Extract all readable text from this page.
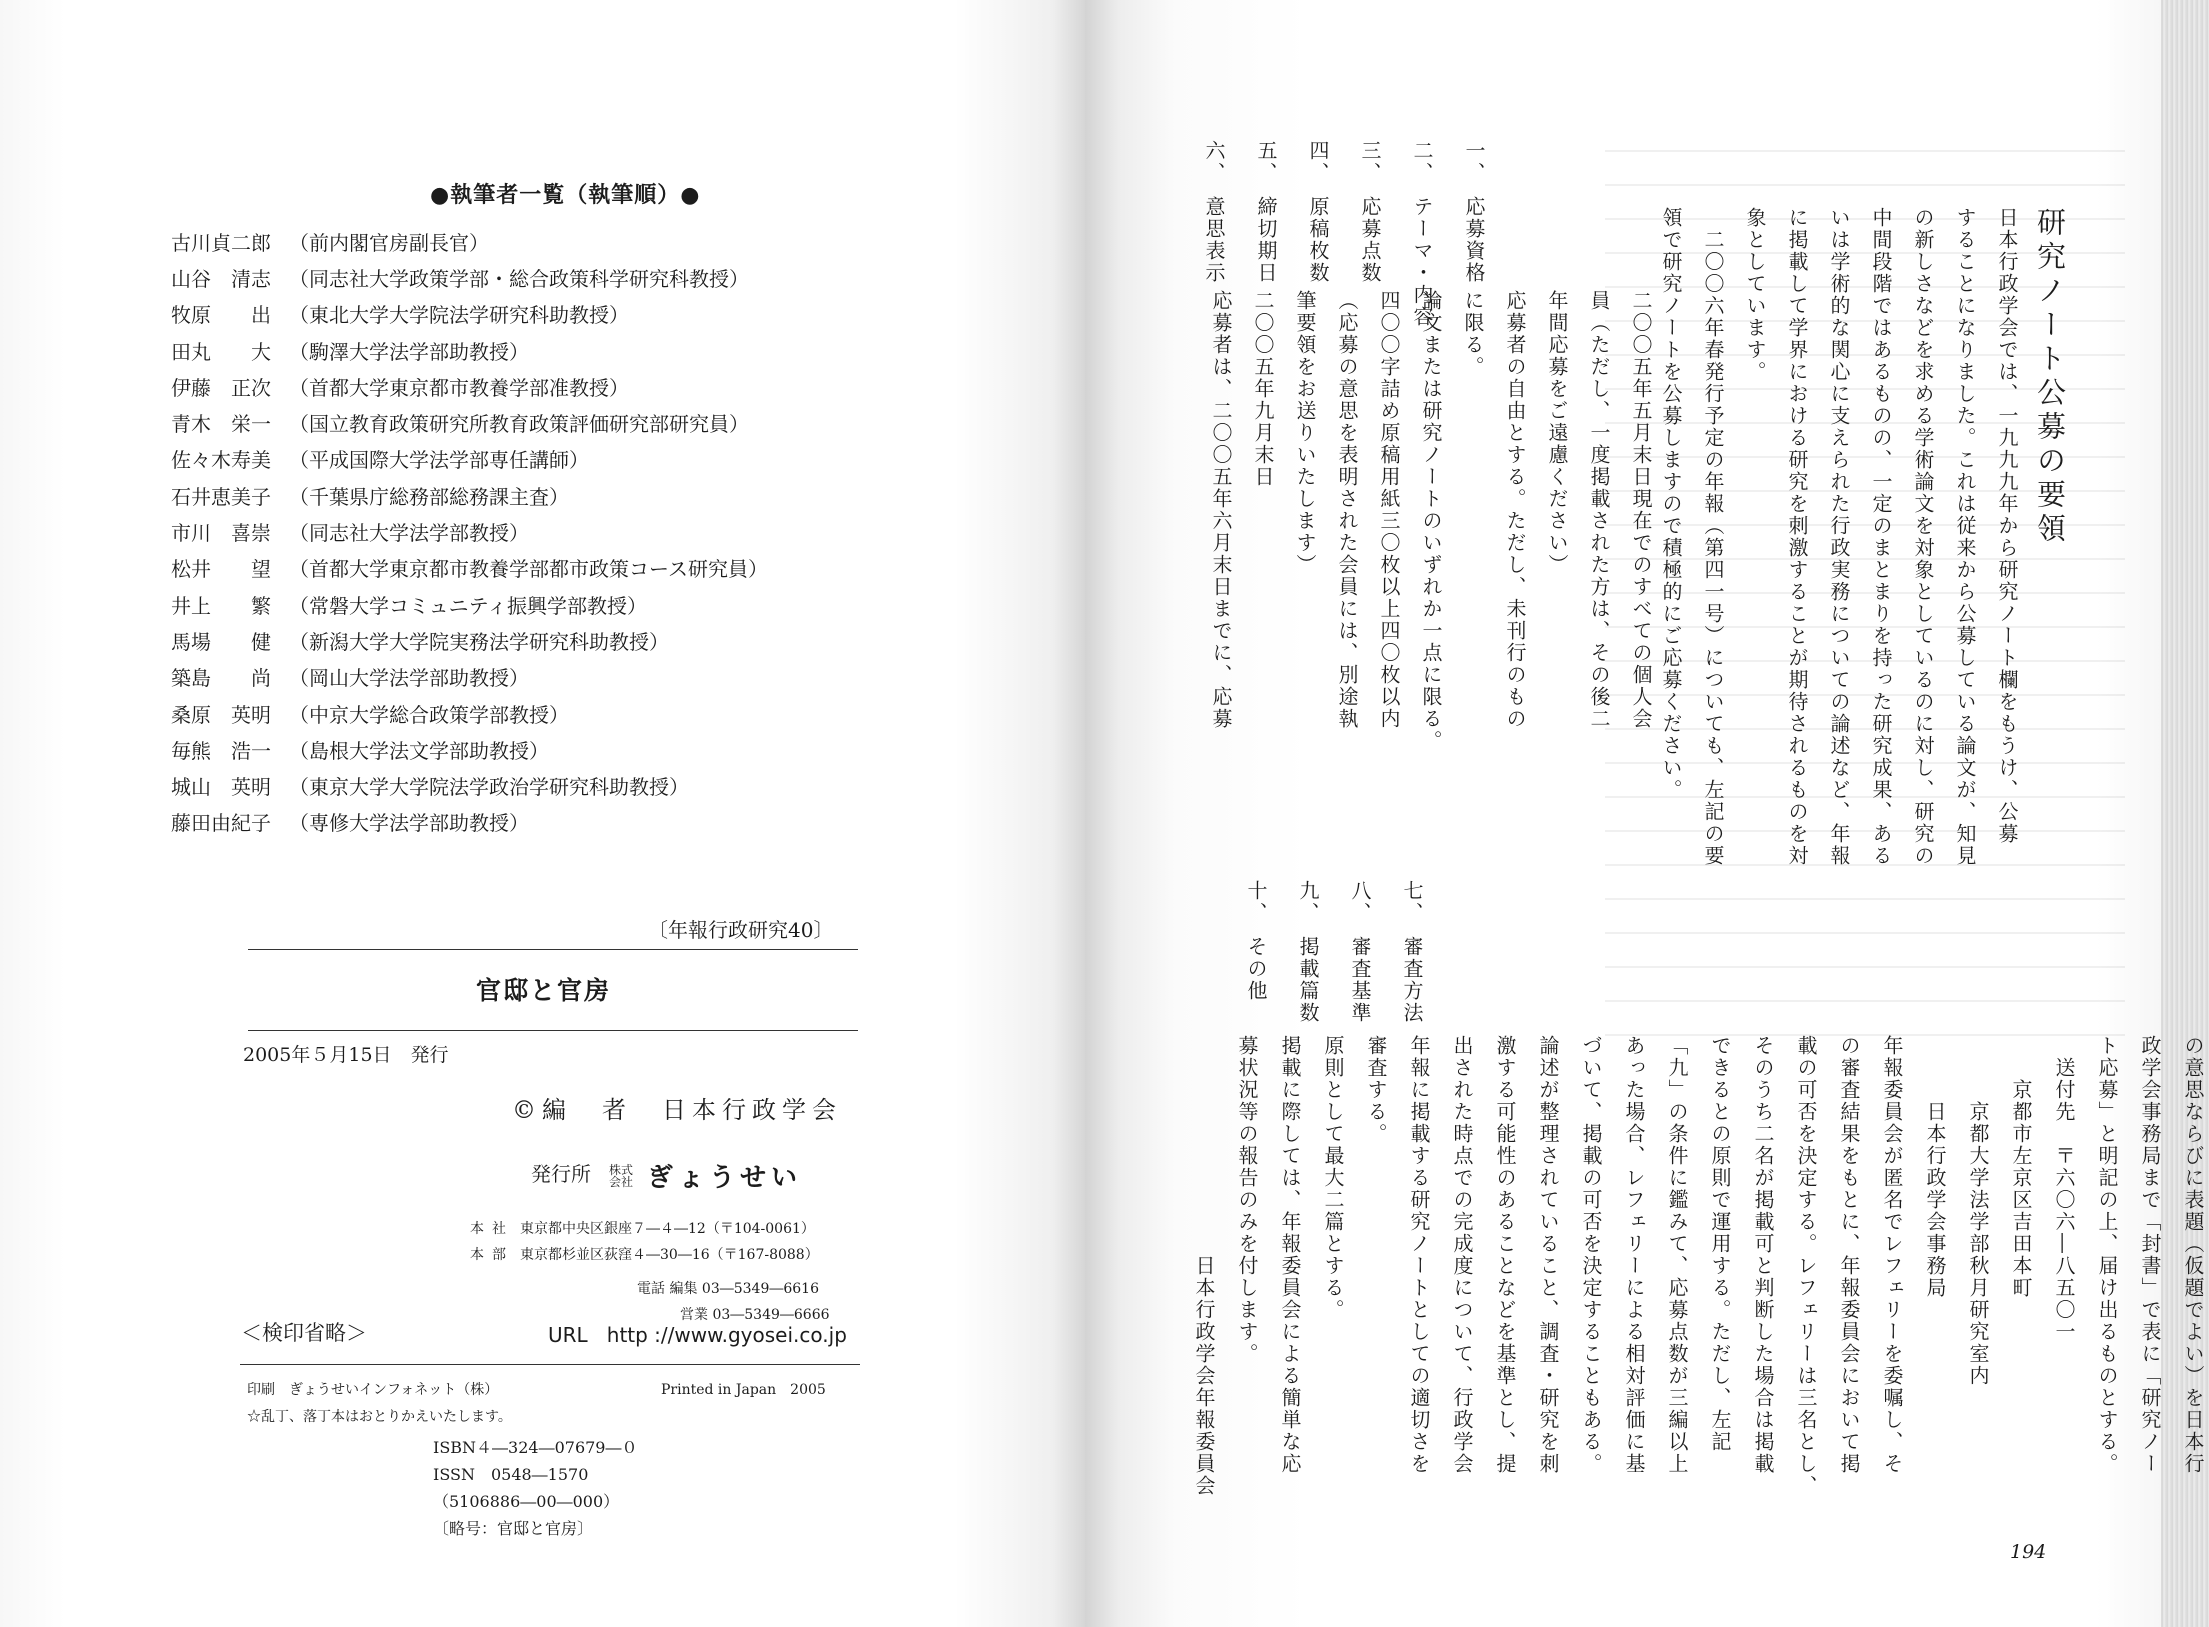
●執筆者一覧（執筆順）●
古川貞二郎 （前内閣官房副長官）
山谷　清志 （同志社大学政策学部・総合政策科学研究科教授）
牧原　　出 （東北大学大学院法学研究科助教授）
田丸　　大 （駒澤大学法学部助教授）
伊藤　正次 （首都大学東京都市教養学部准教授）
青木　栄一 （国立教育政策研究所教育政策評価研究部研究員）
佐々木寿美 （平成国際大学法学部専任講師）
石井恵美子 （千葉県庁総務部総務課主査）
市川　喜崇 （同志社大学法学部教授）
松井　　望 （首都大学東京都市教養学部都市政策コース研究員）
井上　　繁 （常磐大学コミュニティ振興学部教授）
馬場　　健 （新潟大学大学院実務法学研究科助教授）
築島　　尚 （岡山大学法学部助教授）
桑原　英明 （中京大学総合政策学部教授）
毎熊　浩一 （島根大学法文学部助教授）
城山　英明 （東京大学大学院法学政治学研究科助教授）
藤田由紀子 （専修大学法学部助教授）
〔年報行政研究40〕
官邸と官房
2005年５月15日　発行
©編　者　日本行政学会
発行所 株式
会社 ぎょうせい
本社 東京都中央区銀座７―４―12（〒104-0061）
本部 東京都杉並区荻窪４―30―16（〒167-8088）
電話 編集 03―5349―6616
営業 03―5349―6666
＜検印省略＞	URL http ://www.gyosei.co.jp
印刷　ぎょうせいインフォネット（株）	Printed in Japan　2005
☆乱丁、落丁本はおとりかえいたします。
ISBN４―324―07679―０
ISSN　0548―1570
（5106886―00―000）
〔略号：官邸と官房〕
研究ノート公募の要領
日本行政学会では、一九九九年から研究ノート欄をもうけ、公募
することになりました。これは従来から公募している論文が、知見
の新しさなどを求める学術論文を対象としているのに対し、研究の
中間段階ではあるものの、一定のまとまりを持った研究成果、ある
いは学術的な関心に支えられた行政実務についての論述など、年報
に掲載して学界における研究を刺激することが期待されるものを対
象としています。
　二〇〇六年春発行予定の年報（第四一号）についても、左記の要
領で研究ノートを公募しますので積極的にご応募ください。
一、　応募資格
二、　テーマ・内容
三、　応募点数
四、　原稿枚数
五、　締切期日
六、　意思表示
二〇〇五年五月末日現在でのすべての個人会
員（ただし、一度掲載された方は、その後二
年間応募をご遠慮ください）
応募者の自由とする。ただし、未刊行のもの
に限る。
論文または研究ノートのいずれか一点に限る。
四〇〇字詰め原稿用紙三〇枚以上四〇枚以内
（応募の意思を表明された会員には、別途執
筆要領をお送りいたします）
二〇〇五年九月末日
応募者は、二〇〇五年六月末日までに、応募
七、　審査方法
八、　審査基準
九、　掲載篇数
十、　その他
の意思ならびに表題（仮題でよい）を日本行
政学会事務局まで「封書」で表に「研究ノー
ト応募」と明記の上、届け出るものとする。
　送付先　〒六〇六―八五〇一
　　京都市左京区吉田本町
　　　京都大学法学部秋月研究室内
　　　日本行政学会事務局
年報委員会が匿名でレフェリーを委嘱し、そ
の審査結果をもとに、年報委員会において掲
載の可否を決定する。レフェリーは三名とし、
そのうち二名が掲載可と判断した場合は掲載
できるとの原則で運用する。ただし、左記
「九」の条件に鑑みて、応募点数が三編以上
あった場合、レフェリーによる相対評価に基
づいて、掲載の可否を決定することもある。
論述が整理されていること、調査・研究を刺
激する可能性のあることなどを基準とし、提
出された時点での完成度について、行政学会
年報に掲載する研究ノートとしての適切さを
審査する。
原則として最大二篇とする。
掲載に際しては、年報委員会による簡単な応
募状況等の報告のみを付します。
　　　　　　　　　　日本行政学会年報委員会
194
